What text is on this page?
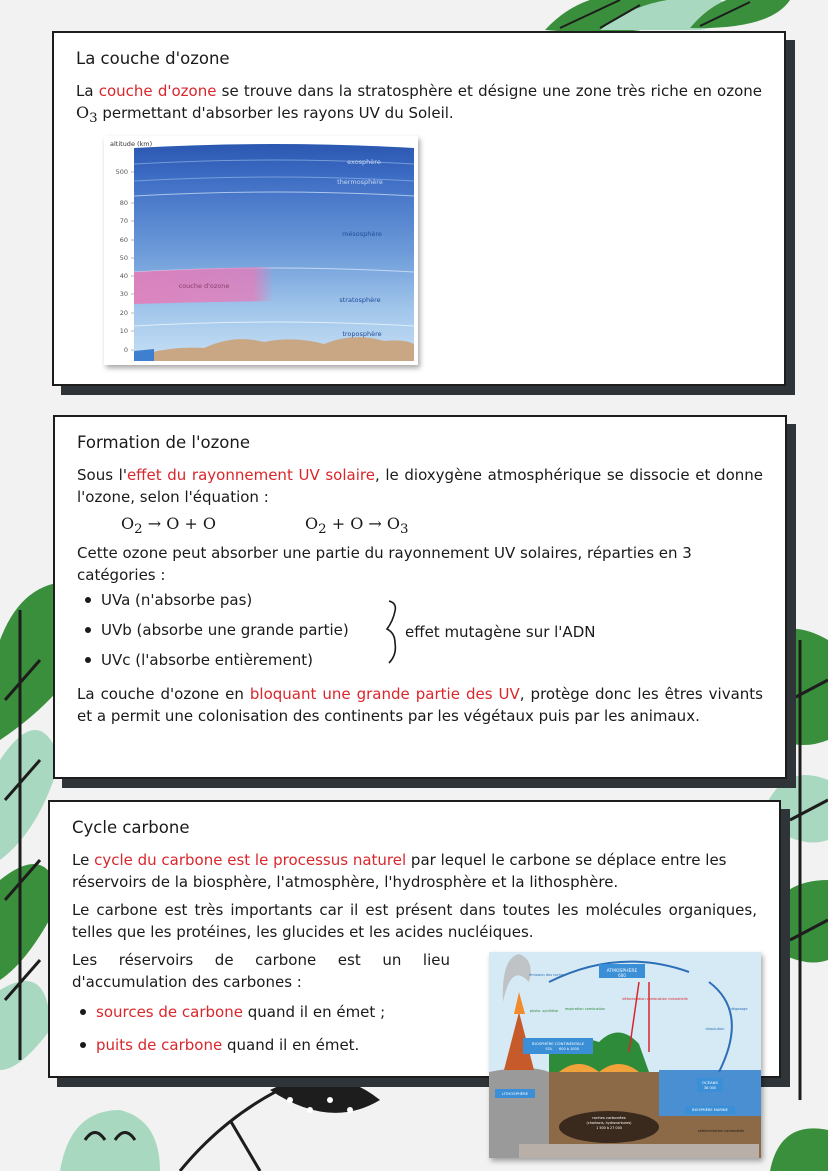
La couche d'ozone

La couche d'ozone se trouve dans la stratosphère et désigne une zone très riche en ozone $O_3$ permettant d'absorber les rayons UV du Soleil.

altitude (km)
500
80
70
60
50
40
30
20
10
0
exosphère
thermosphère
mésosphère
couche d'ozone
stratosphère
troposphère
Formation de l'ozone

Sous l'effet du rayonnement UV solaire, le dioxygène atmosphérique se dissocie et donne l'ozone, selon l'équation :

$O_2 \to O + O$	$O_2 + O \to O_3$

Cette ozone peut absorber une partie du rayonnement UV solaires, réparties en 3 catégories :

UVa (n'absorbe pas)
UVb (absorbe une grande partie)
UVc (l'absorbe entièrement)
effet mutagène sur l'ADN

La couche d'ozone en bloquant une grande partie des UV, protège donc les êtres vivants et a permit une colonisation des continents par les végétaux puis par les animaux.

Cycle carbone

Le cycle du carbone est le processus naturel par lequel le carbone se déplace entre les réservoirs de la biosphère, l'atmosphère, l'hydrosphère et la lithosphère.

Le carbone est très importants car il est présent dans toutes les molécules organiques, telles que les protéines, les glucides et les acides nucléiques.

Les réservoirs de carbone est un lieu d'accumulation des carbones :

sources de carbone quand il en émet ;
puits de carbone quand il en émet.
ATMOSPHÈRE
600
BIOSPHÈRE CONTINENTALE
SOL 600 à 1000
LITHOSPHÈRE
OCÉANS
38 000
BIOSPHÈRE MARINE
roches carbonées
(charbons, hydrocarbures)
1 500 à 27 000
émission des roches
photo- synthèse respiration combustion
déforestation combustion industrielle
dégazage
dissolution
sédimentation carbonatée
